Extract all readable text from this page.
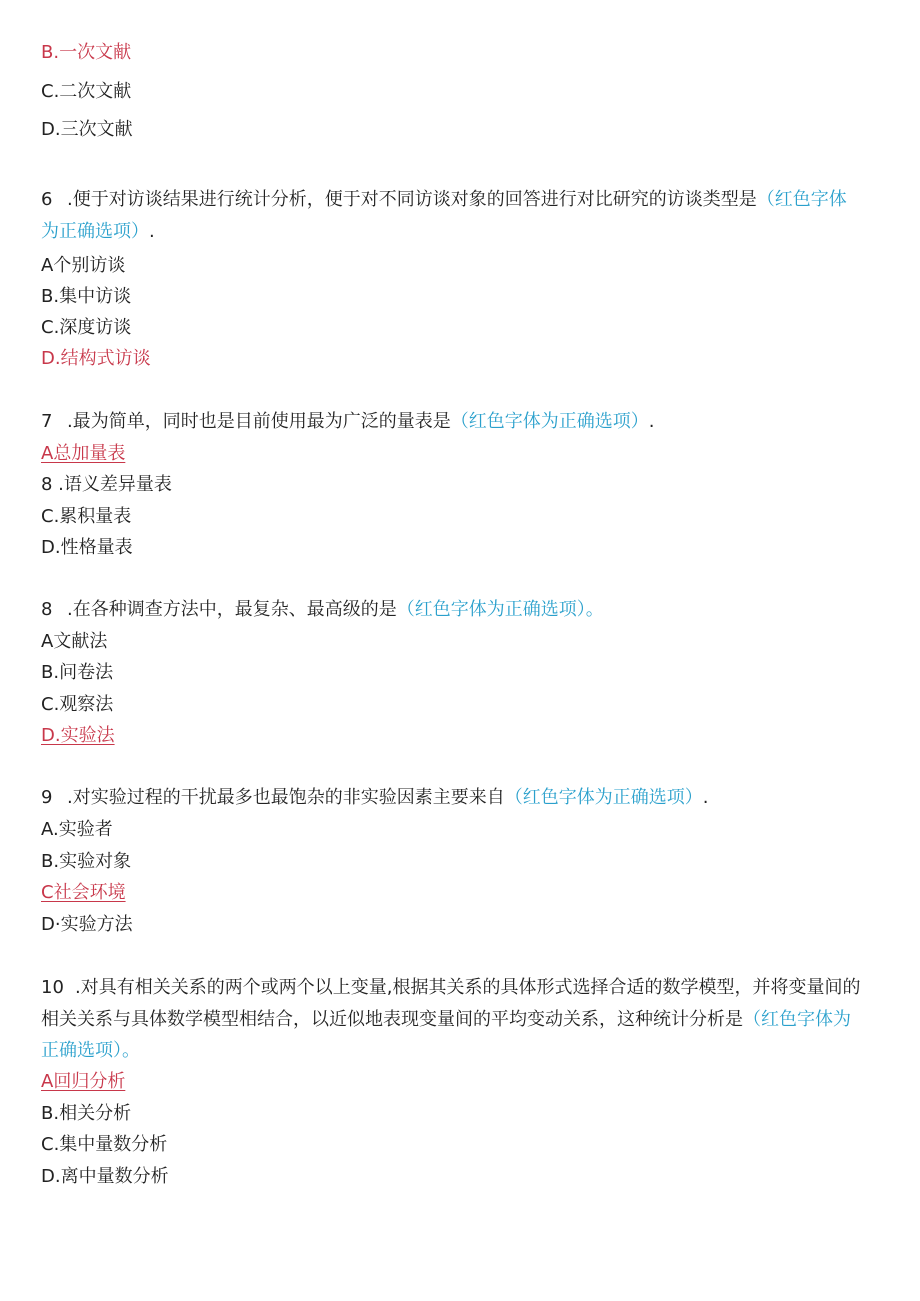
B.一次文献
C.二次文献
D.三次文献
6 .便于对访谈结果进行统计分析，便于对不同访谈对象的回答进行对比研究的访谈类型是（红色字体
为正确选项）.
A个别访谈
B.集中访谈
C.深度访谈
D.结构式访谈
7 .最为简单，同时也是目前使用最为广泛的量表是（红色字体为正确选项）.
A总加量表
8 .语义差异量表
C.累积量表
D.性格量表
8 .在各种调查方法中，最复杂、最高级的是（红色字体为正确选项）。
A文献法
B.问卷法
C.观察法
D.实验法
9 .对实验过程的干扰最多也最饱杂的非实验因素主要来自（红色字体为正确选项）.
A.实验者
B.实验对象
C社会环境
D·实验方法
10 .对具有相关关系的两个或两个以上变量,根据其关系的具体形式选择合适的数学模型，并将变量间的
相关关系与具体数学模型相结合，以近似地表现变量间的平均变动关系，这种统计分析是（红色字体为
正确选项）。
A回归分析
B.相关分析
C.集中量数分析
D.离中量数分析
